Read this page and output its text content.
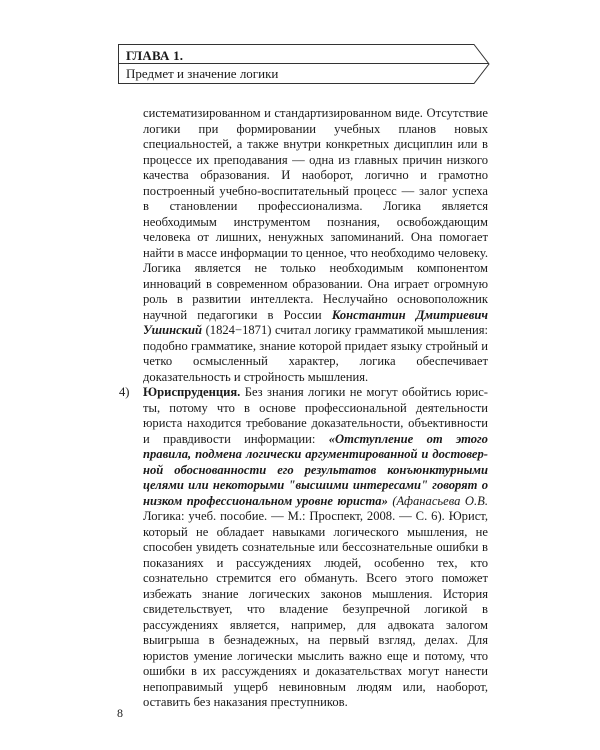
ГЛАВА 1.
Предмет и значение логики

систематизированном и стандартизированном виде. Отсутствие логики при формировании учебных планов новых специальностей, а также внутри конкретных дисциплин или в процессе их преподавания — одна из главных причин низкого качества образования. И наоборот, логично и грамотно построенный учебно-воспитательный процесс — залог успеха в становлении профессионализма. Логика является необходимым инструментом познания, освобождающим человека от лишних, ненужных запоминаний. Она помогает найти в массе информации то ценное, что необходимо человеку. Логика является не только необходимым компонентом инноваций в современном образовании. Она играет огромную роль в развитии интеллекта. Неслучайно основоположник научной педагогики в России Константин Дмитриевич Ушинский (1824−1871) считал логику грамматикой мышления: подобно грамматике, знание которой придает языку стройный и четко осмысленный характер, логика обеспечивает доказательность и стройность мышления.

4) Юриспруденция. Без знания логики не могут обойтись юристы, потому что в основе профессиональной деятельности юриста находится требование доказательности, объективности и правдивости информации: «Отступление от этого правила, подмена логически аргументированной и достоверной обоснованности его результатов конъюнктурными целями или некоторыми "высшими интересами" говорят о низком профессиональном уровне юриста» (Афанасьева О.В. Логика: учеб. пособие. — М.: Проспект, 2008. — С. 6). Юрист, который не обладает навыками логического мышления, не способен увидеть сознательные или бессознательные ошибки в показаниях и рассуждениях людей, особенно тех, кто сознательно стремится его обмануть. Всего этого поможет избежать знание логических законов мышления. История свидетельствует, что владение безупречной логикой в рассуждениях является, например, для адвоката залогом выигрыша в безнадежных, на первый взгляд, делах. Для юристов умение логически мыслить важно еще и потому, что ошибки в их рассуждениях и доказательствах могут нанести непоправимый ущерб невиновным людям или, наоборот, оставить без наказания преступников.

8
